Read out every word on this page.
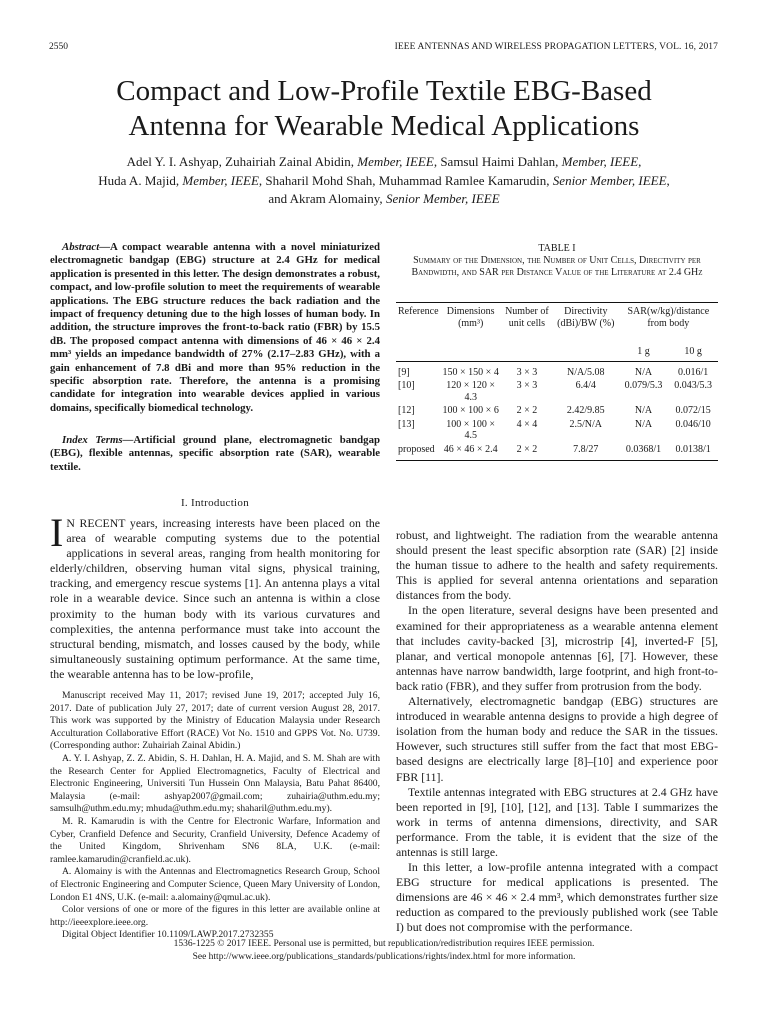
2550	IEEE ANTENNAS AND WIRELESS PROPAGATION LETTERS, VOL. 16, 2017
Compact and Low-Profile Textile EBG-Based
Antenna for Wearable Medical Applications
Adel Y. I. Ashyap, Zuhairiah Zainal Abidin, Member, IEEE, Samsul Haimi Dahlan, Member, IEEE,
Huda A. Majid, Member, IEEE, Shaharil Mohd Shah, Muhammad Ramlee Kamarudin, Senior Member, IEEE,
and Akram Alomainy, Senior Member, IEEE

Abstract—A compact wearable antenna with a novel miniaturized electromagnetic bandgap (EBG) structure at 2.4 GHz for medical application is presented in this letter. The design demonstrates a robust, compact, and low-profile solution to meet the requirements of wearable applications. The EBG structure reduces the back radiation and the impact of frequency detuning due to the high losses of human body. In addition, the structure improves the front-to-back ratio (FBR) by 15.5 dB. The proposed compact antenna with dimensions of 46 × 46 × 2.4 mm³ yields an impedance bandwidth of 27% (2.17–2.83 GHz), with a gain enhancement of 7.8 dBi and more than 95% reduction in the specific absorption rate. Therefore, the antenna is a promising candidate for integration into wearable devices applied in various domains, specifically biomedical technology.

Index Terms—Artificial ground plane, electromagnetic bandgap (EBG), flexible antennas, specific absorption rate (SAR), wearable textile.
I. Introduction

I N RECENT years, increasing interests have been placed on the area of wearable computing systems due to the potential applications in several areas, ranging from health monitoring for elderly/children, observing human vital signs, physical training, tracking, and emergency rescue systems [1]. An antenna plays a vital role in a wearable device. Since such an antenna is within a close proximity to the human body with its various curvatures and complexities, the antenna performance must take into account the structural bending, mismatch, and losses caused by the body, while simultaneously sustaining optimum performance. At the same time, the wearable antenna has to be low-profile,

Manuscript received May 11, 2017; revised June 19, 2017; accepted July 16, 2017. Date of publication July 27, 2017; date of current version August 28, 2017. This work was supported by the Ministry of Education Malaysia under Research Acculturation Collaborative Effort (RACE) Vot No. 1510 and GPPS Vot. No. U739. (Corresponding author: Zuhairiah Zainal Abidin.)

A. Y. I. Ashyap, Z. Z. Abidin, S. H. Dahlan, H. A. Majid, and S. M. Shah are with the Research Center for Applied Electromagnetics, Faculty of Electrical and Electronic Engineering, Universiti Tun Hussein Onn Malaysia, Batu Pahat 86400, Malaysia (e-mail: ashyap2007@gmail.com; zuhairia@uthm.edu.my; samsulh@uthm.edu.my; mhuda@uthm.edu.my; shaharil@uthm.edu.my).

M. R. Kamarudin is with the Centre for Electronic Warfare, Information and Cyber, Cranfield Defence and Security, Cranfield University, Defence Academy of the United Kingdom, Shrivenham SN6 8LA, U.K. (e-mail: ramlee.kamarudin@cranfield.ac.uk).

A. Alomainy is with the Antennas and Electromagnetics Research Group, School of Electronic Engineering and Computer Science, Queen Mary University of London, London E1 4NS, U.K. (e-mail: a.alomainy@qmul.ac.uk).

Color versions of one or more of the figures in this letter are available online at http://ieeexplore.ieee.org.

Digital Object Identifier 10.1109/LAWP.2017.2732355

TABLE I
Summary of the Dimension, the Number of Unit Cells, Directivity per Bandwidth, and SAR per Distance Value of the Literature at 2.4 GHz
Reference	Dimensions (mm³)	Number of unit cells	Directivity (dBi)/BW (%)	SAR(w/kg)/distance from body	
				1 g	10 g
[9]	150 × 150 × 4	3 × 3	N/A/5.08	N/A	0.016/1
[10]	120 × 120 × 4.3	3 × 3	6.4/4	0.079/5.3	0.043/5.3
[12]	100 × 100 × 6	2 × 2	2.42/9.85	N/A	0.072/15
[13]	100 × 100 × 4.5	4 × 4	2.5/N/A	N/A	0.046/10
proposed	46 × 46 × 2.4	2 × 2	7.8/27	0.0368/1	0.0138/1

robust, and lightweight. The radiation from the wearable antenna should present the least specific absorption rate (SAR) [2] inside the human tissue to adhere to the health and safety requirements. This is applied for several antenna orientations and separation distances from the body.

In the open literature, several designs have been presented and examined for their appropriateness as a wearable antenna element that includes cavity-backed [3], microstrip [4], inverted-F [5], planar, and vertical monopole antennas [6], [7]. However, these antennas have narrow bandwidth, large footprint, and high front-to-back ratio (FBR), and they suffer from protrusion from the body.

Alternatively, electromagnetic bandgap (EBG) structures are introduced in wearable antenna designs to provide a high degree of isolation from the human body and reduce the SAR in the tissues. However, such structures still suffer from the fact that most EBG-based designs are electrically large [8]–[10] and experience poor FBR [11].

Textile antennas integrated with EBG structures at 2.4 GHz have been reported in [9], [10], [12], and [13]. Table I summarizes the work in terms of antenna dimensions, directivity, and SAR performance. From the table, it is evident that the size of the antennas is still large.

In this letter, a low-profile antenna integrated with a compact EBG structure for medical applications is presented. The dimensions are 46 × 46 × 2.4 mm³, which demonstrates further size reduction as compared to the previously published work (see Table I) but does not compromise with the performance.

1536-1225 © 2017 IEEE. Personal use is permitted, but republication/redistribution requires IEEE permission.
See http://www.ieee.org/publications_standards/publications/rights/index.html for more information.
